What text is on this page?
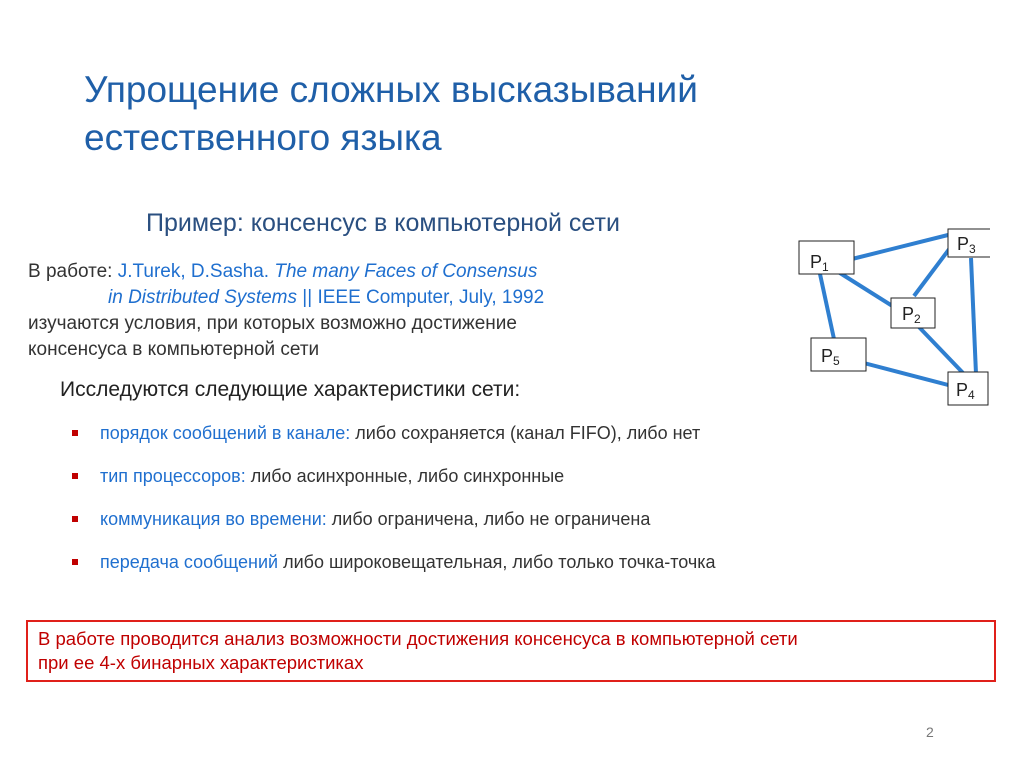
Упрощение сложных высказываний
естественного языка
Пример: консенсус в компьютерной сети
В работе: J.Turek, D.Sasha. The many Faces of Consensus
in Distributed Systems || IEEE Computer, July, 1992
изучаются условия, при которых возможно достижение
консенсуса в компьютерной сети
P1
P3
P2
P5
P4
Исследуются следующие характеристики сети:
порядок сообщений в канале: либо сохраняется (канал FIFO), либо нет
тип процессоров: либо асинхронные, либо синхронные
коммуникация во времени: либо ограничена, либо не ограничена
передача сообщений либо широковещательная, либо только точка-точка
В работе проводится анализ возможности достижения консенсуса в компьютерной сети
при ее 4-х бинарных характеристиках
2
